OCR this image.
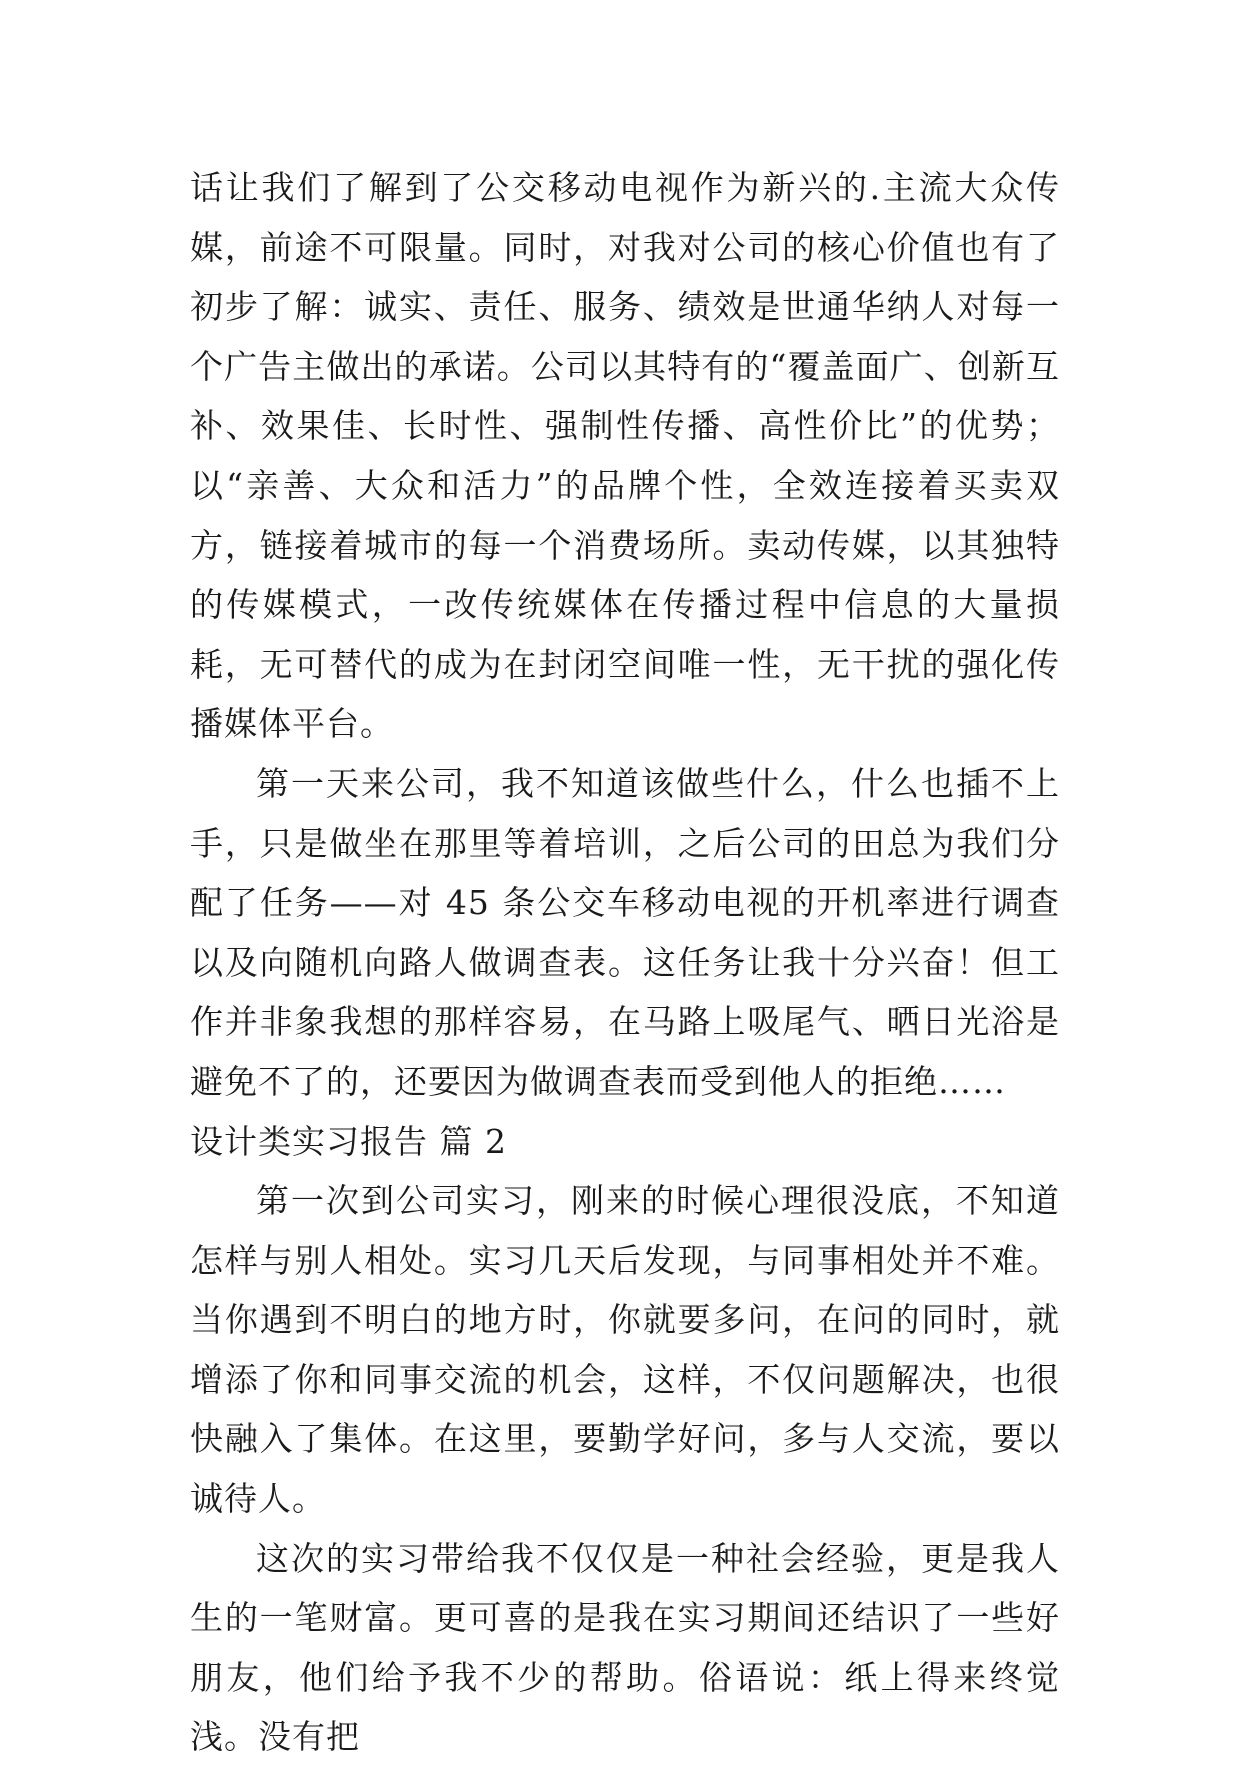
话让我们了解到了公交移动电视作为新兴的.主流大众传媒，前途不可限量。同时，对我对公司的核心价值也有了初步了解：诚实、责任、服务、绩效是世通华纳人对每一个广告主做出的承诺。公司以其特有的“覆盖面广、创新互补、效果佳、长时性、强制性传播、高性价比”的优势；以“亲善、大众和活力”的品牌个性，全效连接着买卖双方，链接着城市的每一个消费场所。卖动传媒，以其独特的传媒模式，一改传统媒体在传播过程中信息的大量损耗，无可替代的成为在封闭空间唯一性，无干扰的强化传播媒体平台。

第一天来公司，我不知道该做些什么，什么也插不上手，只是做坐在那里等着培训，之后公司的田总为我们分配了任务——对 45 条公交车移动电视的开机率进行调查以及向随机向路人做调查表。这任务让我十分兴奋！但工作并非象我想的那样容易，在马路上吸尾气、晒日光浴是避免不了的，还要因为做调查表而受到他人的拒绝……

设计类实习报告 篇 2

第一次到公司实习，刚来的时候心理很没底，不知道怎样与别人相处。实习几天后发现，与同事相处并不难。当你遇到不明白的地方时，你就要多问，在问的同时，就增添了你和同事交流的机会，这样，不仅问题解决，也很快融入了集体。在这里，要勤学好问，多与人交流，要以诚待人。

这次的实习带给我不仅仅是一种社会经验，更是我人生的一笔财富。更可喜的是我在实习期间还结识了一些好朋友，他们给予我不少的帮助。俗语说：纸上得来终觉浅。没有把
